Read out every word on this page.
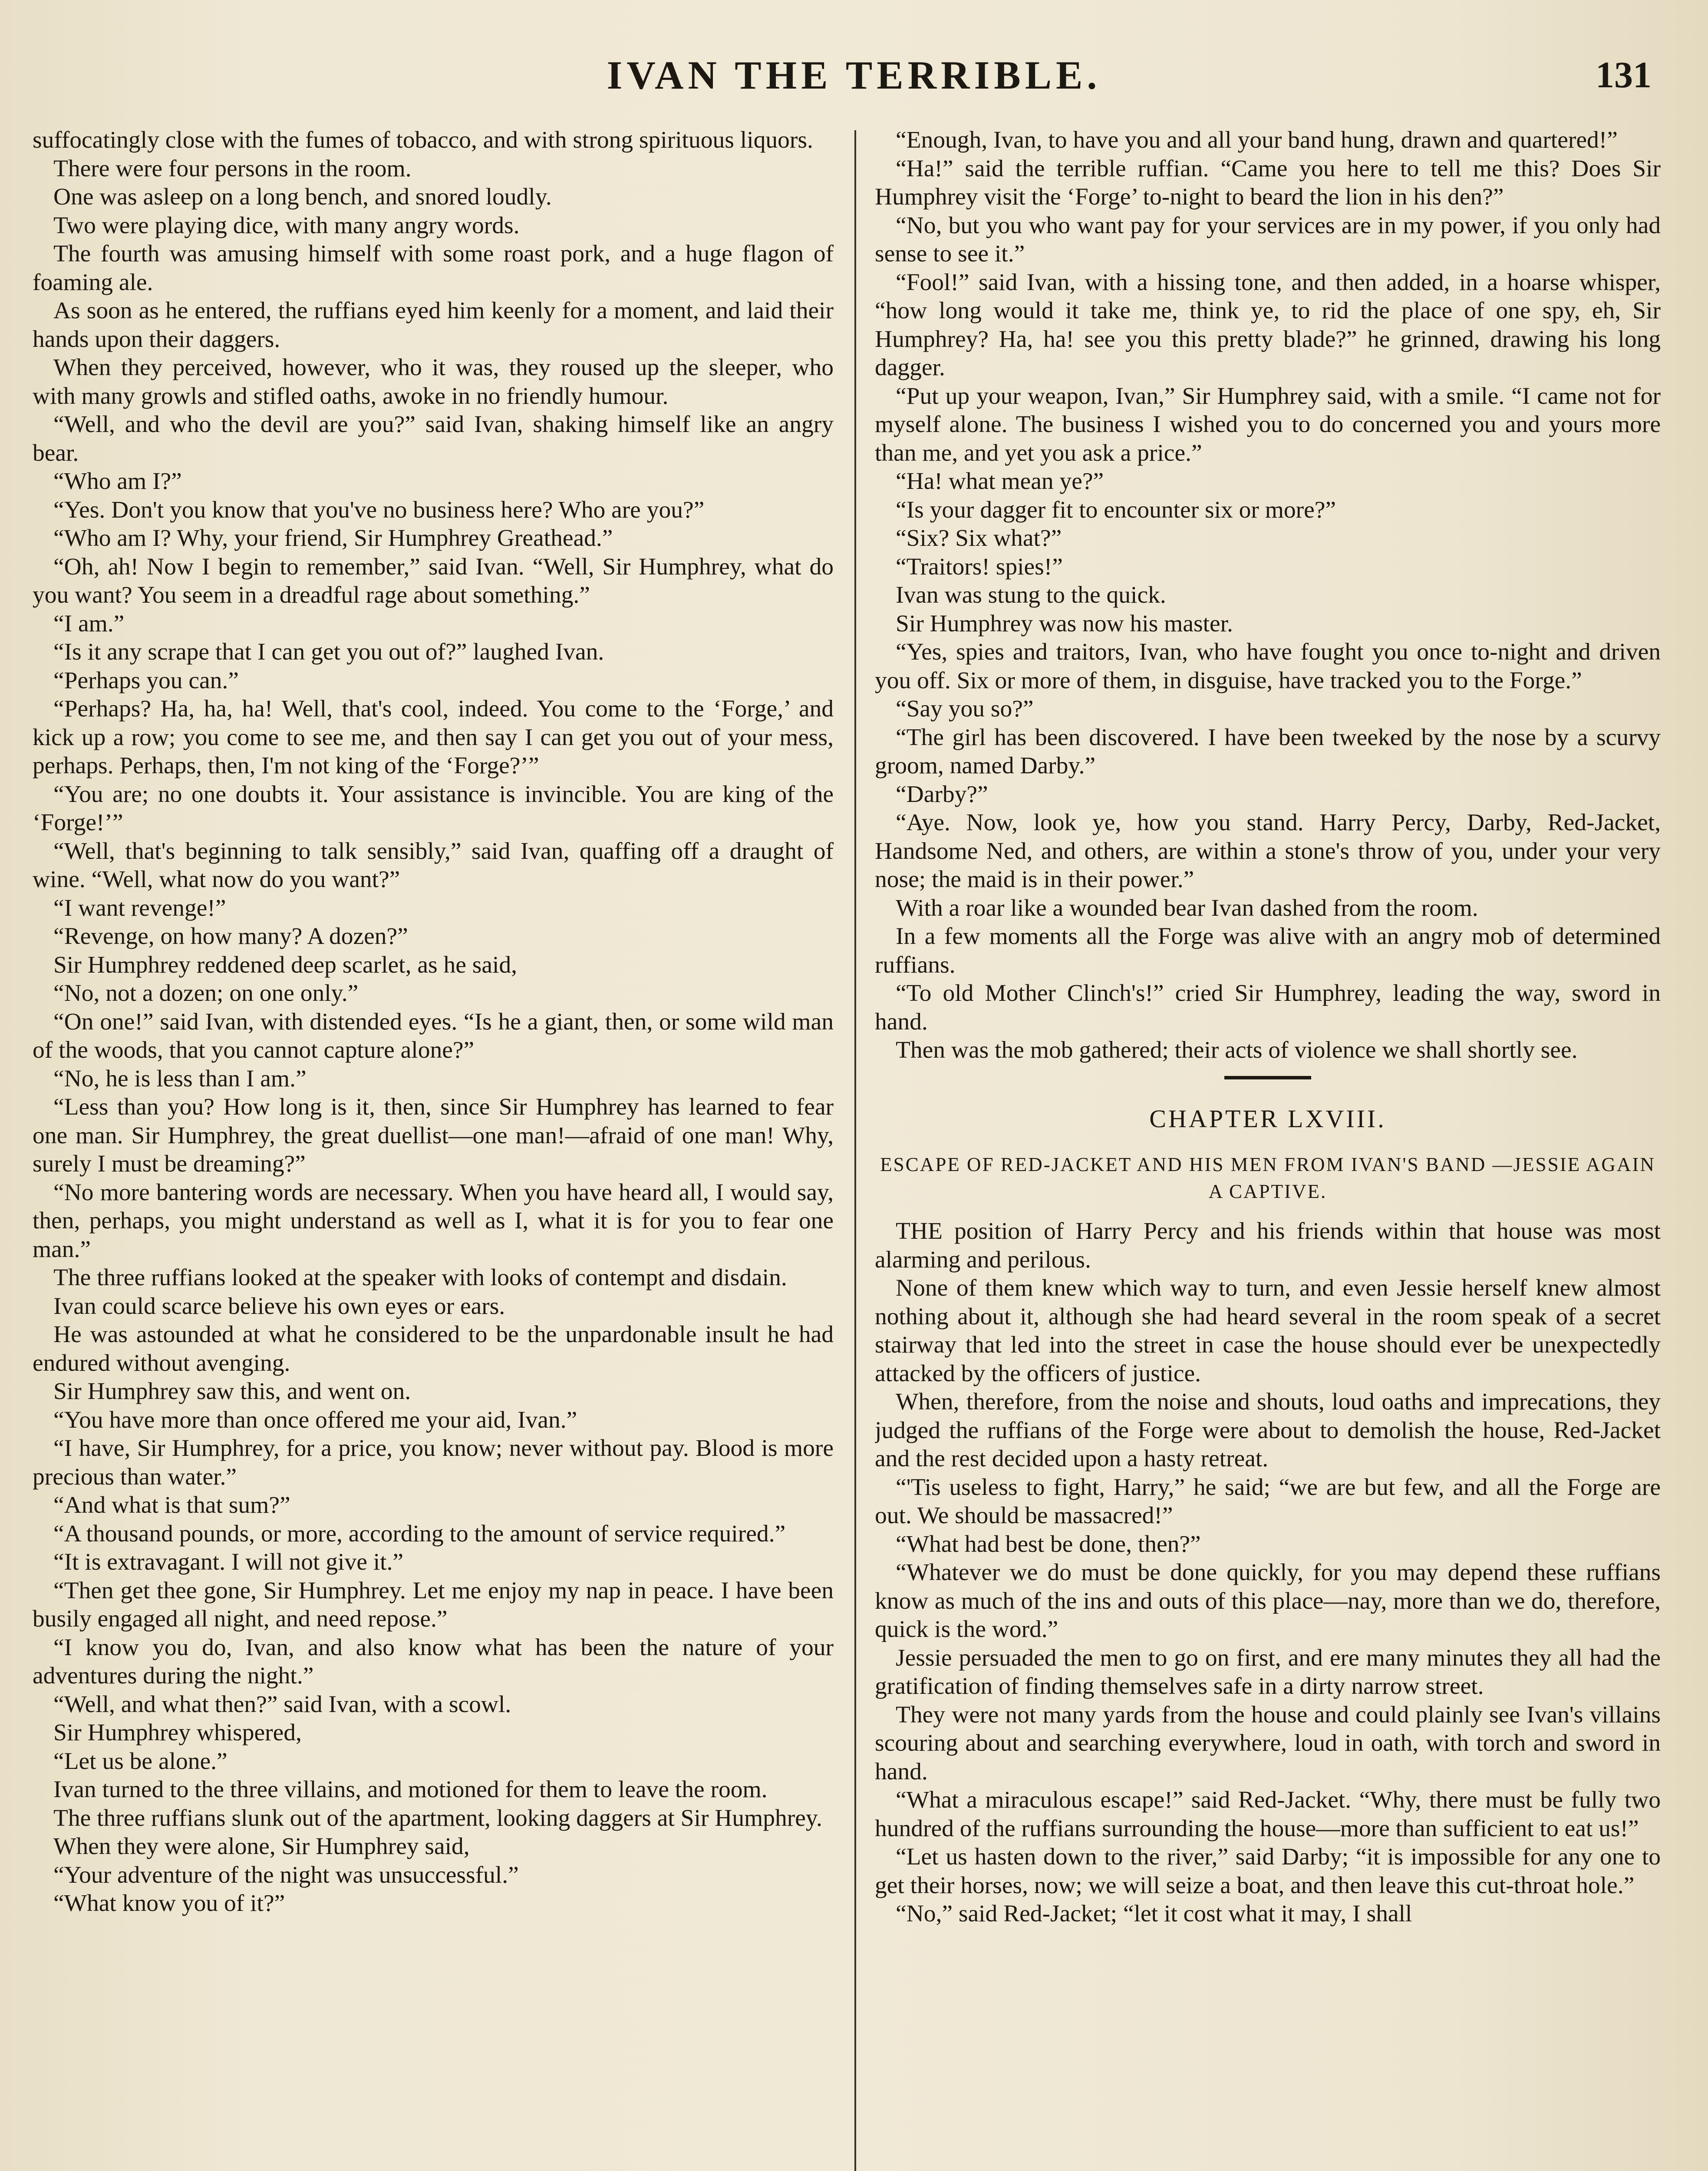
IVAN THE TERRIBLE.	131

suffocatingly close with the fumes of tobacco, and with strong spirituous liquors.

There were four persons in the room.

One was asleep on a long bench, and snored loudly.

Two were playing dice, with many angry words.

The fourth was amusing himself with some roast pork, and a huge flagon of foaming ale.

As soon as he entered, the ruffians eyed him keenly for a moment, and laid their hands upon their daggers.

When they perceived, however, who it was, they roused up the sleeper, who with many growls and stifled oaths, awoke in no friendly humour.

“Well, and who the devil are you?” said Ivan, shaking himself like an angry bear.

“Who am I?”

“Yes. Don't you know that you've no business here? Who are you?”

“Who am I? Why, your friend, Sir Humphrey Greathead.”

“Oh, ah! Now I begin to remember,” said Ivan. “Well, Sir Humphrey, what do you want? You seem in a dreadful rage about something.”

“I am.”

“Is it any scrape that I can get you out of?” laughed Ivan.

“Perhaps you can.”

“Perhaps? Ha, ha, ha! Well, that's cool, indeed. You come to the ‘Forge,’ and kick up a row; you come to see me, and then say I can get you out of your mess, perhaps. Perhaps, then, I'm not king of the ‘Forge?’”

“You are; no one doubts it. Your assistance is invincible. You are king of the ‘Forge!’”

“Well, that's beginning to talk sensibly,” said Ivan, quaffing off a draught of wine. “Well, what now do you want?”

“I want revenge!”

“Revenge, on how many? A dozen?”

Sir Humphrey reddened deep scarlet, as he said,

“No, not a dozen; on one only.”

“On one!” said Ivan, with distended eyes. “Is he a giant, then, or some wild man of the woods, that you cannot capture alone?”

“No, he is less than I am.”

“Less than you? How long is it, then, since Sir Humphrey has learned to fear one man. Sir Humphrey, the great duellist—one man!—afraid of one man! Why, surely I must be dreaming?”

“No more bantering words are necessary. When you have heard all, I would say, then, perhaps, you might understand as well as I, what it is for you to fear one man.”

The three ruffians looked at the speaker with looks of contempt and disdain.

Ivan could scarce believe his own eyes or ears.

He was astounded at what he considered to be the unpardonable insult he had endured without avenging.

Sir Humphrey saw this, and went on.

“You have more than once offered me your aid, Ivan.”

“I have, Sir Humphrey, for a price, you know; never without pay. Blood is more precious than water.”

“And what is that sum?”

“A thousand pounds, or more, according to the amount of service required.”

“It is extravagant. I will not give it.”

“Then get thee gone, Sir Humphrey. Let me enjoy my nap in peace. I have been busily engaged all night, and need repose.”

“I know you do, Ivan, and also know what has been the nature of your adventures during the night.”

“Well, and what then?” said Ivan, with a scowl.

Sir Humphrey whispered,

“Let us be alone.”

Ivan turned to the three villains, and motioned for them to leave the room.

The three ruffians slunk out of the apartment, looking daggers at Sir Humphrey.

When they were alone, Sir Humphrey said,

“Your adventure of the night was unsuccessful.”

“What know you of it?”

“Enough, Ivan, to have you and all your band hung, drawn and quartered!”

“Ha!” said the terrible ruffian. “Came you here to tell me this? Does Sir Humphrey visit the ‘Forge’ to-night to beard the lion in his den?”

“No, but you who want pay for your services are in my power, if you only had sense to see it.”

“Fool!” said Ivan, with a hissing tone, and then added, in a hoarse whisper, “how long would it take me, think ye, to rid the place of one spy, eh, Sir Humphrey? Ha, ha! see you this pretty blade?” he grinned, drawing his long dagger.

“Put up your weapon, Ivan,” Sir Humphrey said, with a smile. “I came not for myself alone. The business I wished you to do concerned you and yours more than me, and yet you ask a price.”

“Ha! what mean ye?”

“Is your dagger fit to encounter six or more?”

“Six? Six what?”

“Traitors! spies!”

Ivan was stung to the quick.

Sir Humphrey was now his master.

“Yes, spies and traitors, Ivan, who have fought you once to-night and driven you off. Six or more of them, in disguise, have tracked you to the Forge.”

“Say you so?”

“The girl has been discovered. I have been tweeked by the nose by a scurvy groom, named Darby.”

“Darby?”

“Aye. Now, look ye, how you stand. Harry Percy, Darby, Red-Jacket, Handsome Ned, and others, are within a stone's throw of you, under your very nose; the maid is in their power.”

With a roar like a wounded bear Ivan dashed from the room.

In a few moments all the Forge was alive with an angry mob of determined ruffians.

“To old Mother Clinch's!” cried Sir Humphrey, leading the way, sword in hand.

Then was the mob gathered; their acts of violence we shall shortly see.

CHAPTER LXVIII.

ESCAPE OF RED-JACKET AND HIS MEN FROM IVAN'S BAND —JESSIE AGAIN A CAPTIVE.

THE position of Harry Percy and his friends within that house was most alarming and perilous.

None of them knew which way to turn, and even Jessie herself knew almost nothing about it, although she had heard several in the room speak of a secret stairway that led into the street in case the house should ever be unexpectedly attacked by the officers of justice.

When, therefore, from the noise and shouts, loud oaths and imprecations, they judged the ruffians of the Forge were about to demolish the house, Red-Jacket and the rest decided upon a hasty retreat.

“'Tis useless to fight, Harry,” he said; “we are but few, and all the Forge are out. We should be massacred!”

“What had best be done, then?”

“Whatever we do must be done quickly, for you may depend these ruffians know as much of the ins and outs of this place—nay, more than we do, therefore, quick is the word.”

Jessie persuaded the men to go on first, and ere many minutes they all had the gratification of finding themselves safe in a dirty narrow street.

They were not many yards from the house and could plainly see Ivan's villains scouring about and searching everywhere, loud in oath, with torch and sword in hand.

“What a miraculous escape!” said Red-Jacket. “Why, there must be fully two hundred of the ruffians surrounding the house—more than sufficient to eat us!”

“Let us hasten down to the river,” said Darby; “it is impossible for any one to get their horses, now; we will seize a boat, and then leave this cut-throat hole.”

“No,” said Red-Jacket; “let it cost what it may, I shall
